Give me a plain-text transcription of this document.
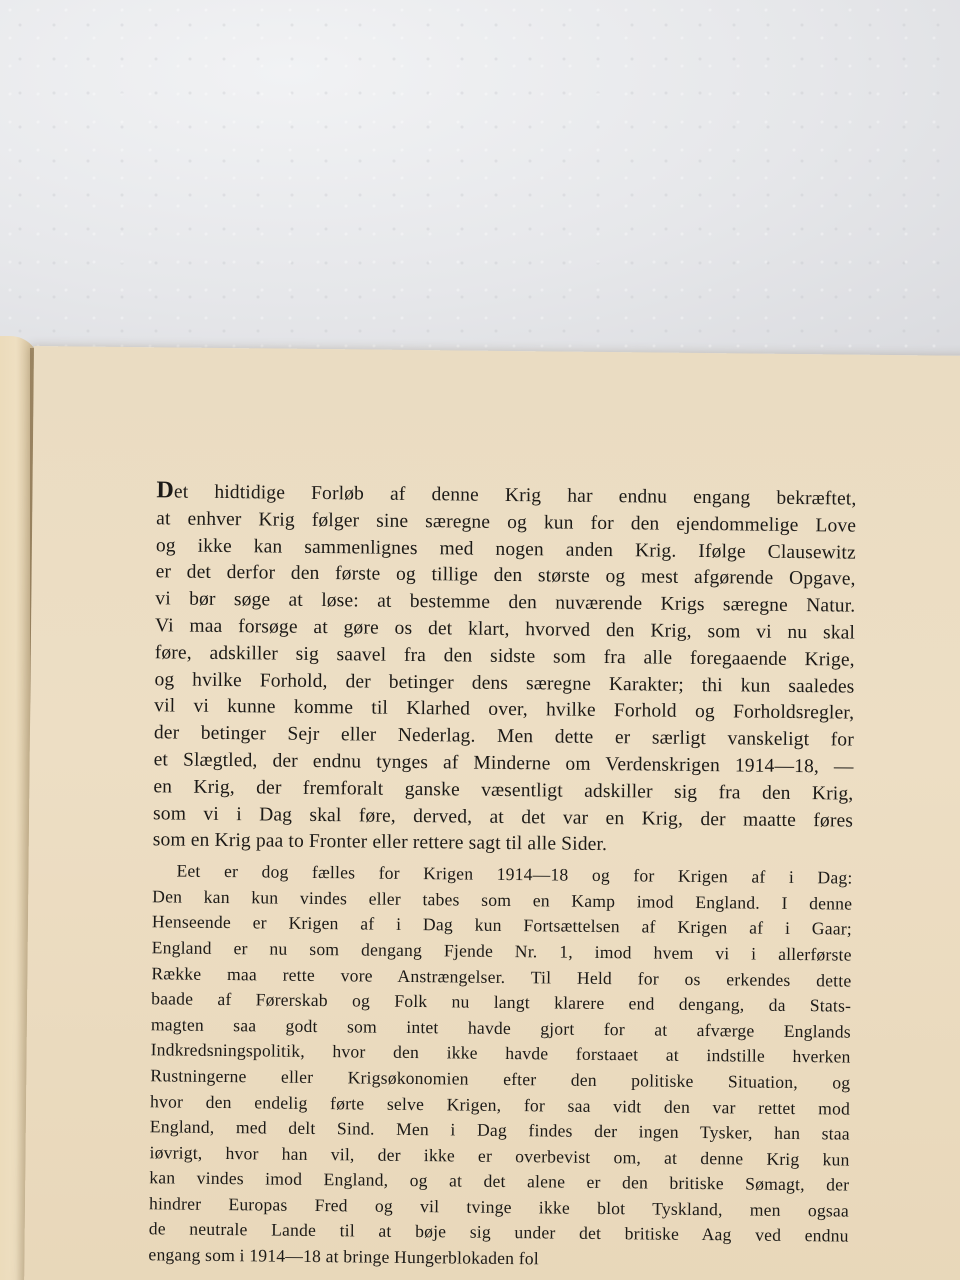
Det hidtidige Forløb af denne Krig har endnu engang bekræftet,
at enhver Krig følger sine særegne og kun for den ejendommelige Love
og ikke kan sammenlignes med nogen anden Krig. Ifølge Clausewitz
er det derfor den første og tillige den største og mest afgørende Opgave,
vi bør søge at løse: at bestemme den nuværende Krigs særegne Natur.
Vi maa forsøge at gøre os det klart, hvorved den Krig, som vi nu skal
føre, adskiller sig saavel fra den sidste som fra alle foregaaende Krige,
og hvilke Forhold, der betinger dens særegne Karakter; thi kun saaledes
vil vi kunne komme til Klarhed over, hvilke Forhold og Forholdsregler,
der betinger Sejr eller Nederlag. Men dette er særligt vanskeligt for
et Slægtled, der endnu tynges af Minderne om Verdenskrigen 1914—18, —
en Krig, der fremforalt ganske væsentligt adskiller sig fra den Krig,
som vi i Dag skal føre, derved, at det var en Krig, der maatte føres
som en Krig paa to Fronter eller rettere sagt til alle Sider.

Eet er dog fælles for Krigen 1914—18 og for Krigen af i Dag:
Den kan kun vindes eller tabes som en Kamp imod England. I denne
Henseende er Krigen af i Dag kun Fortsættelsen af Krigen af i Gaar;
England er nu som dengang Fjende Nr. 1, imod hvem vi i allerførste
Række maa rette vore Anstrængelser. Til Held for os erkendes dette
baade af Førerskab og Folk nu langt klarere end dengang, da Stats-
magten saa godt som intet havde gjort for at afværge Englands
Indkredsningspolitik, hvor den ikke havde forstaaet at indstille hverken
Rustningerne eller Krigsøkonomien efter den politiske Situation, og
hvor den endelig førte selve Krigen, for saa vidt den var rettet mod
England, med delt Sind. Men i Dag findes der ingen Tysker, han staa
iøvrigt, hvor han vil, der ikke er overbevist om, at denne Krig kun
kan vindes imod England, og at det alene er den britiske Sømagt, der
hindrer Europas Fred og vil tvinge ikke blot Tyskland, men ogsaa
de neutrale Lande til at bøje sig under det britiske Aag ved endnu
engang som i 1914—18 at bringe Hungerblokaden fol
